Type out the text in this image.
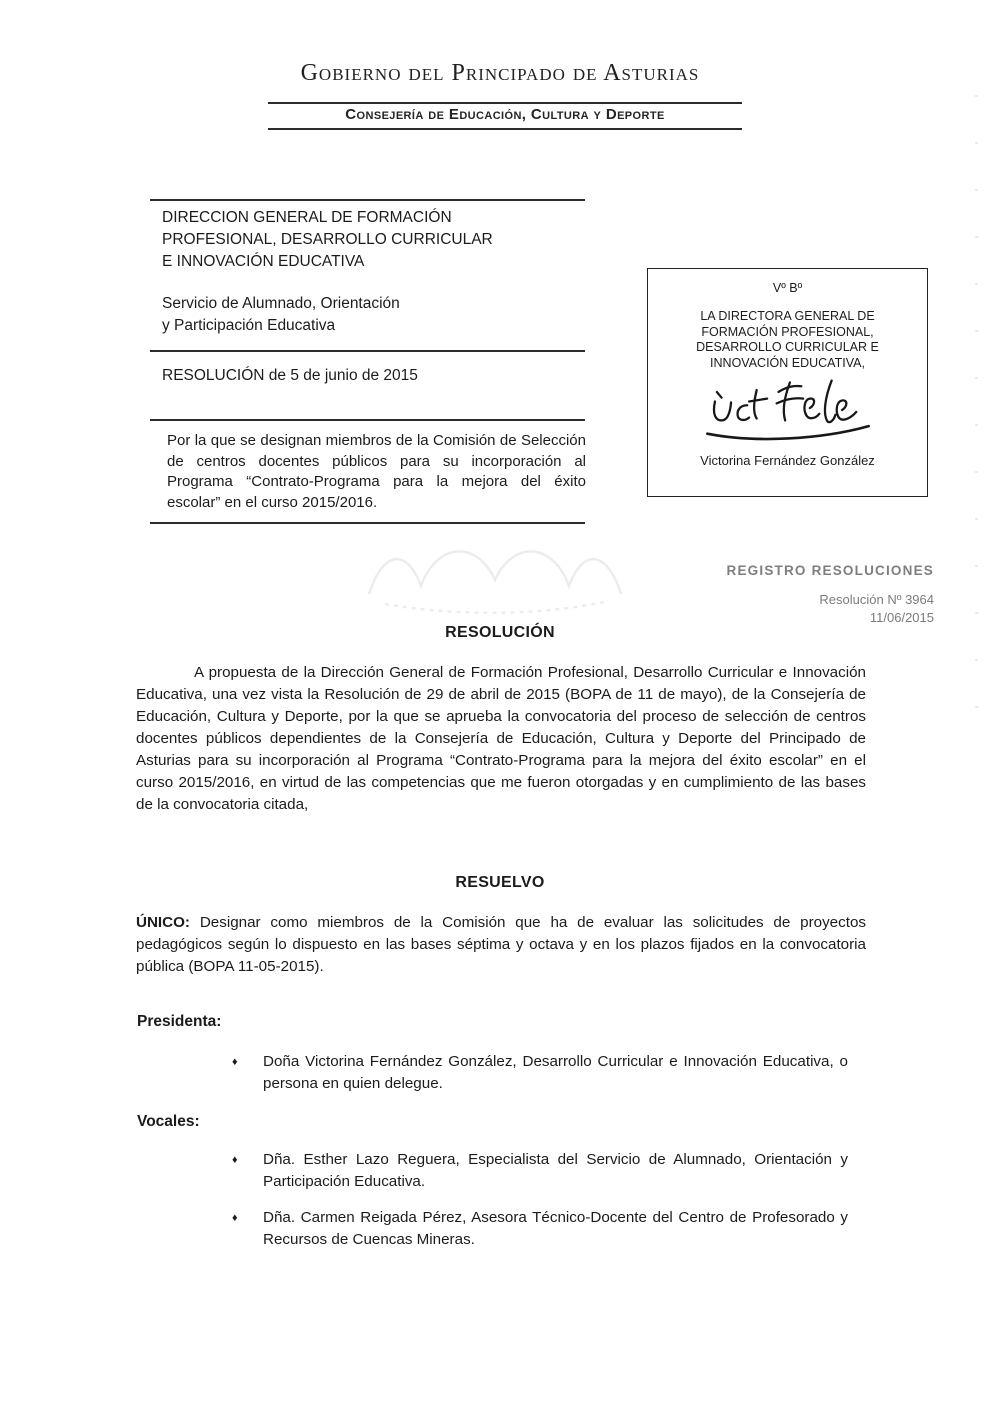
Gobierno del Principado de Asturias
Consejería de Educación, Cultura y Deporte
DIRECCION GENERAL DE FORMACIÓN
PROFESIONAL, DESARROLLO CURRICULAR
E INNOVACIÓN EDUCATIVA
Servicio de Alumnado, Orientación
y Participación Educativa
RESOLUCIÓN de 5 de junio de 2015
Por la que se designan miembros de la Comisión de Selección de centros docentes públicos para su incorporación al Programa “Contrato-Programa para la mejora del éxito escolar” en el curso 2015/2016.
Vº Bº
LA DIRECTORA GENERAL DE
FORMACIÓN PROFESIONAL,
DESARROLLO CURRICULAR E
INNOVACIÓN EDUCATIVA,
Victorina Fernández González
REGISTRO RESOLUCIONES
Resolución Nº 3964
11/06/2015
RESOLUCIÓN
A propuesta de la Dirección General de Formación Profesional, Desarrollo Curricular e Innovación Educativa, una vez vista la Resolución de 29 de abril de 2015 (BOPA de 11 de mayo), de la Consejería de Educación, Cultura y Deporte, por la que se aprueba la convocatoria del proceso de selección de centros docentes públicos dependientes de la Consejería de Educación, Cultura y Deporte del Principado de Asturias para su incorporación al Programa “Contrato-Programa para la mejora del éxito escolar” en el curso 2015/2016, en virtud de las competencias que me fueron otorgadas y en cumplimiento de las bases de la convocatoria citada,
RESUELVO
ÚNICO: Designar como miembros de la Comisión que ha de evaluar las solicitudes de proyectos pedagógicos según lo dispuesto en las bases séptima y octava y en los plazos fijados en la convocatoria pública (BOPA 11-05-2015).
Presidenta:
♦	Doña Victorina Fernández González, Desarrollo Curricular e Innovación Educativa, o persona en quien delegue.
Vocales:
♦	Dña. Esther Lazo Reguera, Especialista del Servicio de Alumnado, Orientación y Participación Educativa.
♦	Dña. Carmen Reigada Pérez, Asesora Técnico-Docente del Centro de Profesorado y Recursos de Cuencas Mineras.
